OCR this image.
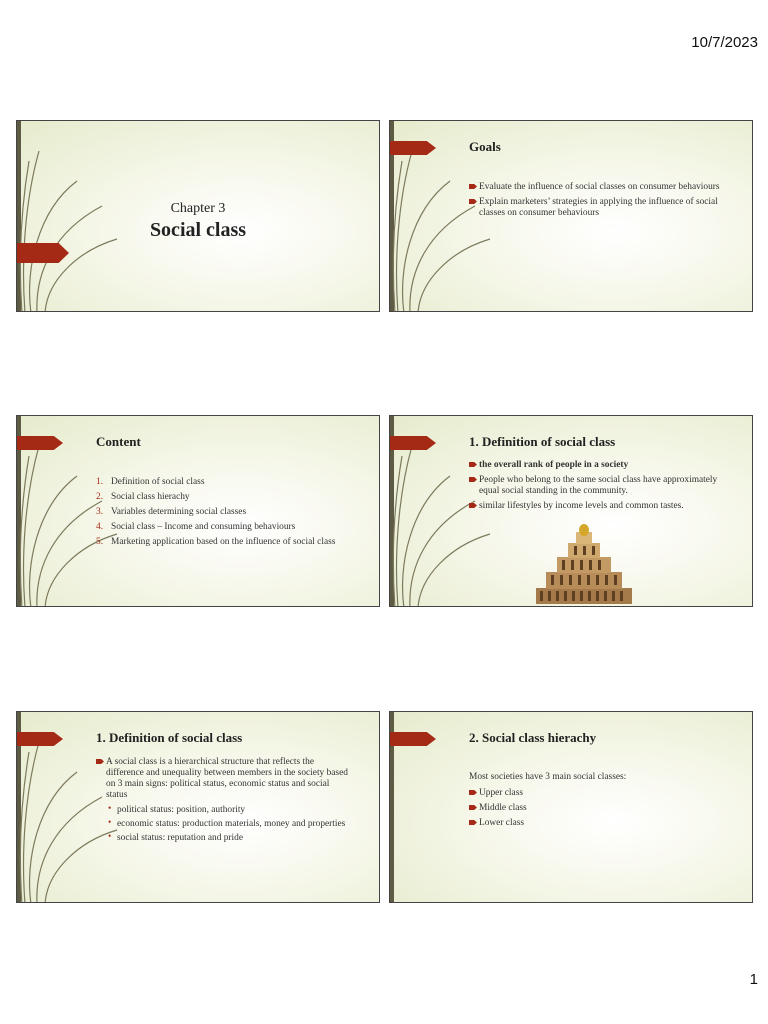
10/7/2023
Chapter 3
Social class
Goals
Evaluate the influence of social classes on consumer behaviours
Explain marketers’ strategies in applying the influence of social classes on consumer behaviours
Content
1. Definition of social class
2. Social class hierachy
3. Variables determining social classes
4. Social class – Income and consuming behaviours
5. Marketing application based on the influence of social class
1. Definition of social class
the overall rank of people in a society
People who belong to the same social class have approximately equal social standing in the community.
similar lifestyles by income levels and common tastes.
1. Definition of social class
A social class is a hierarchical structure that reflects the difference and unequality between members in the society based on 3 main signs: political status, economic status and social status
• political status: position, authority
• economic status: production materials, money and properties
• social status: reputation and pride
2. Social class hierachy
Most societies have 3 main social classes:
Upper class
Middle class
Lower class
1
